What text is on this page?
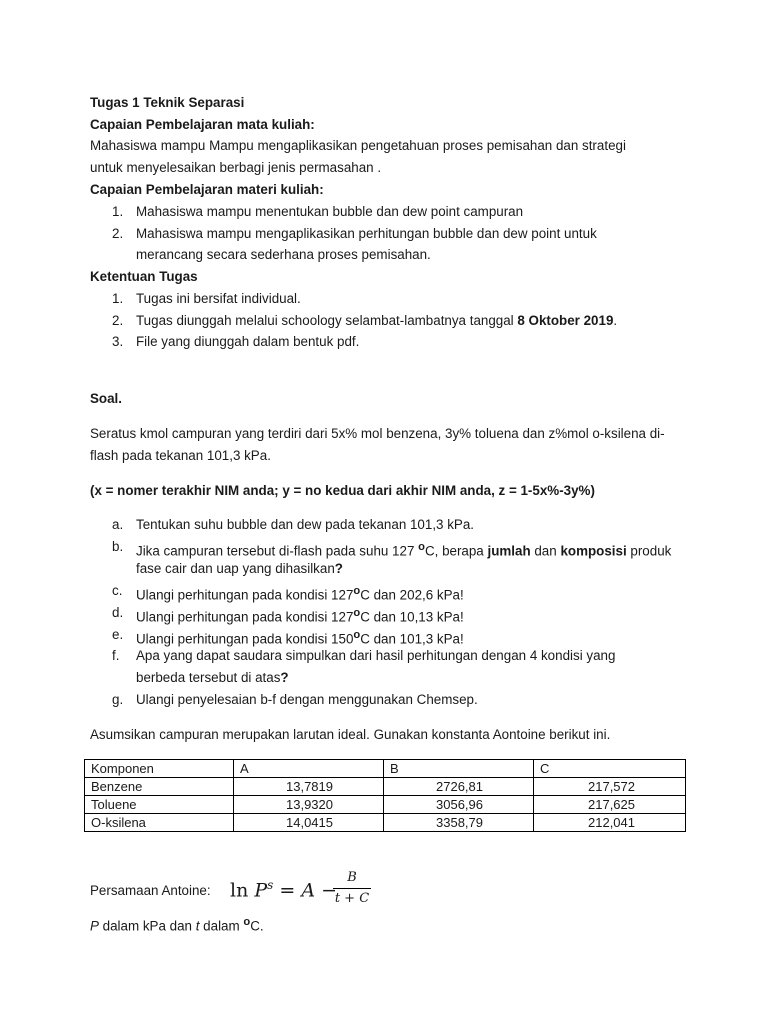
Tugas 1 Teknik Separasi
Capaian Pembelajaran mata kuliah:
Mahasiswa mampu Mampu mengaplikasikan pengetahuan proses pemisahan dan strategi
untuk menyelesaikan berbagi jenis permasahan .
Capaian Pembelajaran materi kuliah:
1. Mahasiswa mampu menentukan bubble dan dew point campuran
2. Mahasiswa mampu mengaplikasikan perhitungan bubble dan dew point untuk
merancang secara sederhana proses pemisahan.
Ketentuan Tugas
1. Tugas ini bersifat individual.
2. Tugas diunggah melalui schoology selambat-lambatnya tanggal 8 Oktober 2019.
3. File yang diunggah dalam bentuk pdf.
Soal.
Seratus kmol campuran yang terdiri dari 5x% mol benzena, 3y% toluena dan z%mol o-ksilena di-
flash pada tekanan 101,3 kPa.
(x = nomer terakhir NIM anda; y = no kedua dari akhir NIM anda, z = 1-5x%-3y%)
a. Tentukan suhu bubble dan dew pada tekanan 101,3 kPa.
b. Jika campuran tersebut di-flash pada suhu 127 $^o$C, berapa jumlah dan komposisi produk
fase cair dan uap yang dihasilkan?
c. Ulangi perhitungan pada kondisi 127$^o$C dan 202,6 kPa!
d. Ulangi perhitungan pada kondisi 127$^o$C dan 10,13 kPa!
e. Ulangi perhitungan pada kondisi 150$^o$C dan 101,3 kPa!
f. Apa yang dapat saudara simpulkan dari hasil perhitungan dengan 4 kondisi yang
berbeda tersebut di atas?
g. Ulangi penyelesaian b-f dengan menggunakan Chemsep.
Asumsikan campuran merupakan larutan ideal. Gunakan konstanta Aontoine berikut ini.
Komponen	A	B	C
Benzene	13,7819	2726,81	217,572
Toluene	13,9320	3056,96	217,625
O-ksilena	14,0415	3358,79	212,041
Persamaan Antoine: $\ln P^s = A$ −
B
t + C
P dalam kPa dan t dalam $^o$C.
